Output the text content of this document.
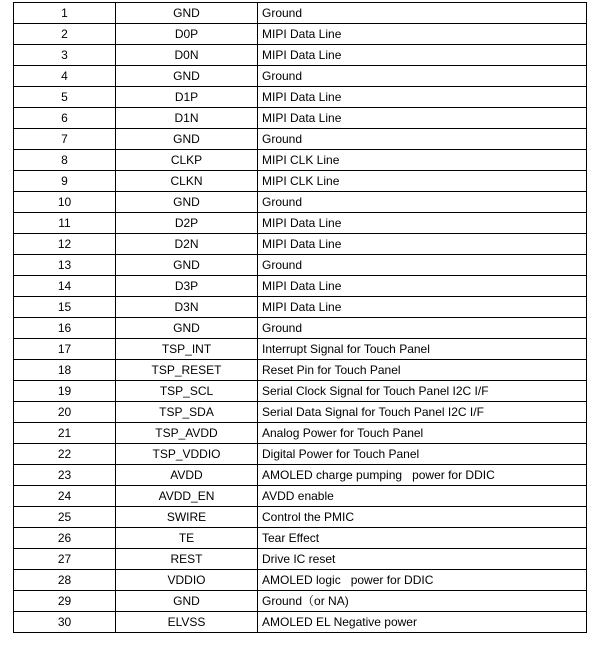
1	GND	Ground
2	D0P	MIPI Data Line
3	D0N	MIPI Data Line
4	GND	Ground
5	D1P	MIPI Data Line
6	D1N	MIPI Data Line
7	GND	Ground
8	CLKP	MIPI CLK Line
9	CLKN	MIPI CLK Line
10	GND	Ground
11	D2P	MIPI Data Line
12	D2N	MIPI Data Line
13	GND	Ground
14	D3P	MIPI Data Line
15	D3N	MIPI Data Line
16	GND	Ground
17	TSP_INT	Interrupt Signal for Touch Panel
18	TSP_RESET	Reset Pin for Touch Panel
19	TSP_SCL	Serial Clock Signal for Touch Panel I2C I/F
20	TSP_SDA	Serial Data Signal for Touch Panel I2C I/F
21	TSP_AVDD	Analog Power for Touch Panel
22	TSP_VDDIO	Digital Power for Touch Panel
23	AVDD	AMOLED charge pumping   power for DDIC
24	AVDD_EN	AVDD enable
25	SWIRE	Control the PMIC
26	TE	Tear Effect
27	REST	Drive IC reset
28	VDDIO	AMOLED logic   power for DDIC
29	GND	Ground（or NA)
30	ELVSS	AMOLED EL Negative power
